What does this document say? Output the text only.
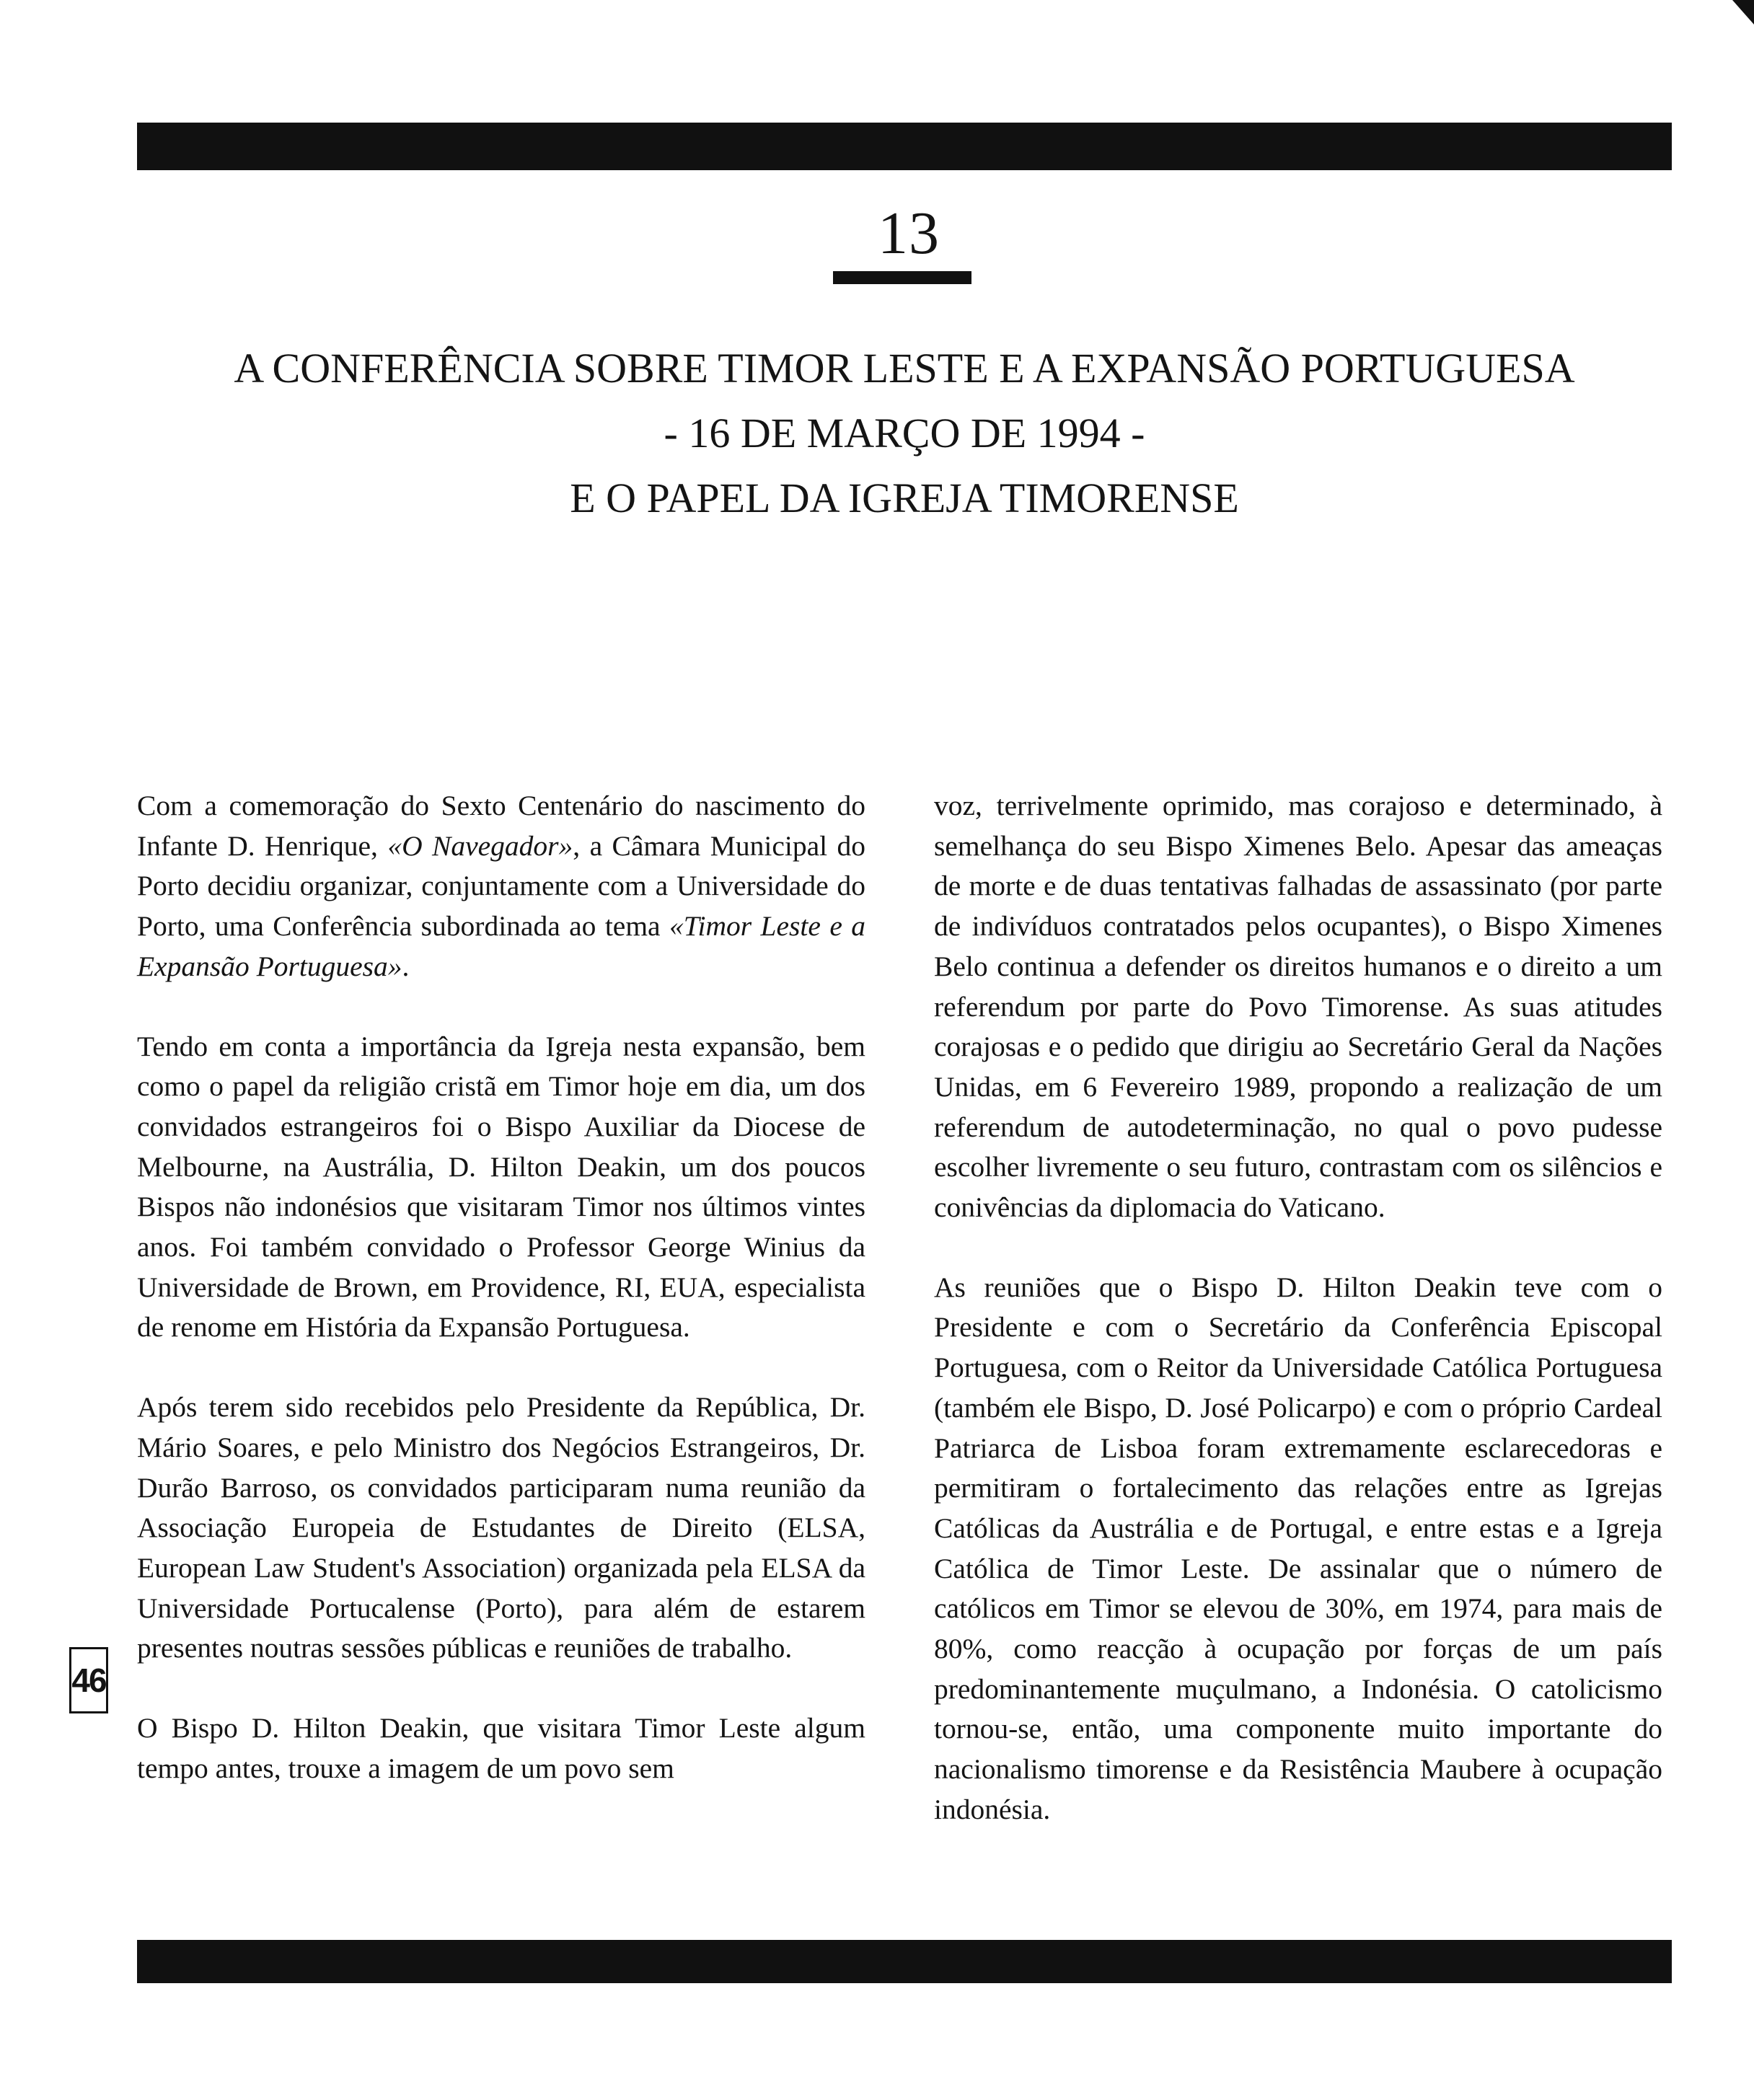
13
A CONFERÊNCIA SOBRE TIMOR LESTE E A EXPANSÃO PORTUGUESA
- 16 DE MARÇO DE 1994 -
E O PAPEL DA IGREJA TIMORENSE

Com a comemoração do Sexto Centenário do nascimento do Infante D. Henrique, «O Navegador», a Câmara Municipal do Porto decidiu organizar, conjuntamente com a Universidade do Porto, uma Conferência subordinada ao tema «Timor Leste e a Expansão Portuguesa».

Tendo em conta a importância da Igreja nesta expansão, bem como o papel da religião cristã em Timor hoje em dia, um dos convidados estrangeiros foi o Bispo Auxiliar da Diocese de Melbourne, na Austrália, D. Hilton Deakin, um dos poucos Bispos não indonésios que visitaram Timor nos últimos vintes anos. Foi também convidado o Professor George Winius da Universidade de Brown, em Providence, RI, EUA, especialista de renome em História da Expansão Portuguesa.

Após terem sido recebidos pelo Presidente da República, Dr. Mário Soares, e pelo Ministro dos Negócios Estrangeiros, Dr. Durão Barroso, os convidados participaram numa reunião da Associação Europeia de Estudantes de Direito (ELSA, European Law Student's Association) organizada pela ELSA da Universidade Portucalense (Porto), para além de estarem presentes noutras sessões públicas e reuniões de trabalho.

O Bispo D. Hilton Deakin, que visitara Timor Leste algum tempo antes, trouxe a imagem de um povo sem

voz, terrivelmente oprimido, mas corajoso e determinado, à semelhança do seu Bispo Ximenes Belo. Apesar das ameaças de morte e de duas tentativas falhadas de assassinato (por parte de indivíduos contratados pelos ocupantes), o Bispo Ximenes Belo continua a defender os direitos humanos e o direito a um referendum por parte do Povo Timorense. As suas atitudes corajosas e o pedido que dirigiu ao Secretário Geral da Nações Unidas, em 6 Fevereiro 1989, propondo a realização de um referendum de autodeterminação, no qual o povo pudesse escolher livremente o seu futuro, contrastam com os silêncios e conivências da diplomacia do Vaticano.

As reuniões que o Bispo D. Hilton Deakin teve com o Presidente e com o Secretário da Conferência Episcopal Portuguesa, com o Reitor da Universidade Católica Portuguesa (também ele Bispo, D. José Policarpo) e com o próprio Cardeal Patriarca de Lisboa foram extremamente esclarecedoras e permitiram o fortalecimento das relações entre as Igrejas Católicas da Austrália e de Portugal, e entre estas e a Igreja Católica de Timor Leste. De assinalar que o número de católicos em Timor se elevou de 30%, em 1974, para mais de 80%, como reacção à ocupação por forças de um país predominantemente muçulmano, a Indonésia. O catolicismo tornou-se, então, uma componente muito importante do nacionalismo timorense e da Resistência Maubere à ocupação indonésia.

46
